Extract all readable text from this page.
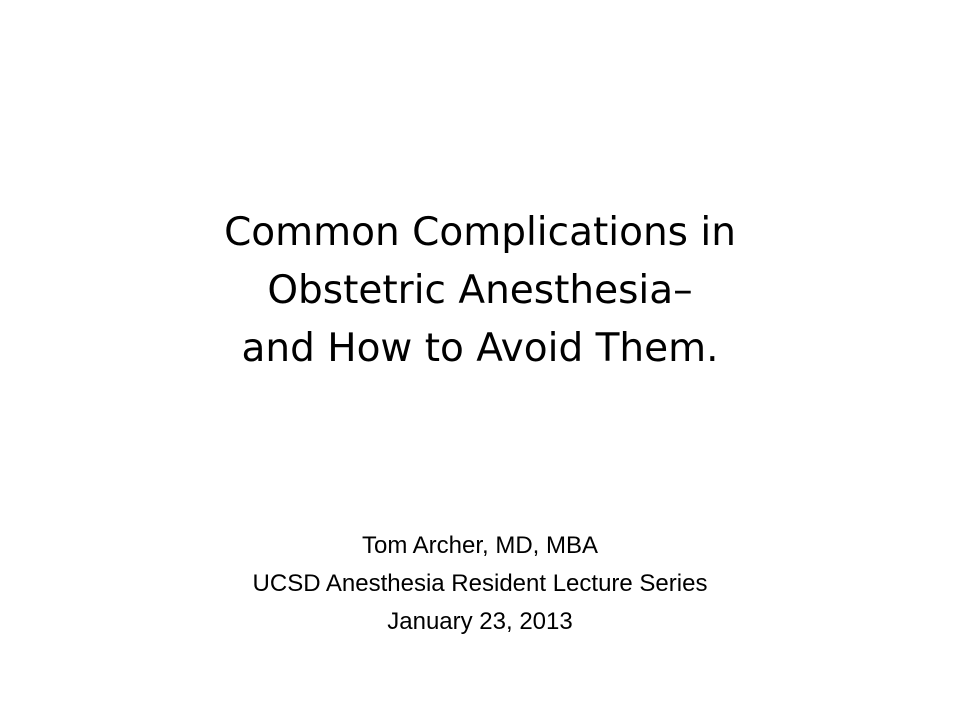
Common Complications in
Obstetric Anesthesia–
and How to Avoid Them.
Tom Archer, MD, MBA
UCSD Anesthesia Resident Lecture Series
January 23, 2013
